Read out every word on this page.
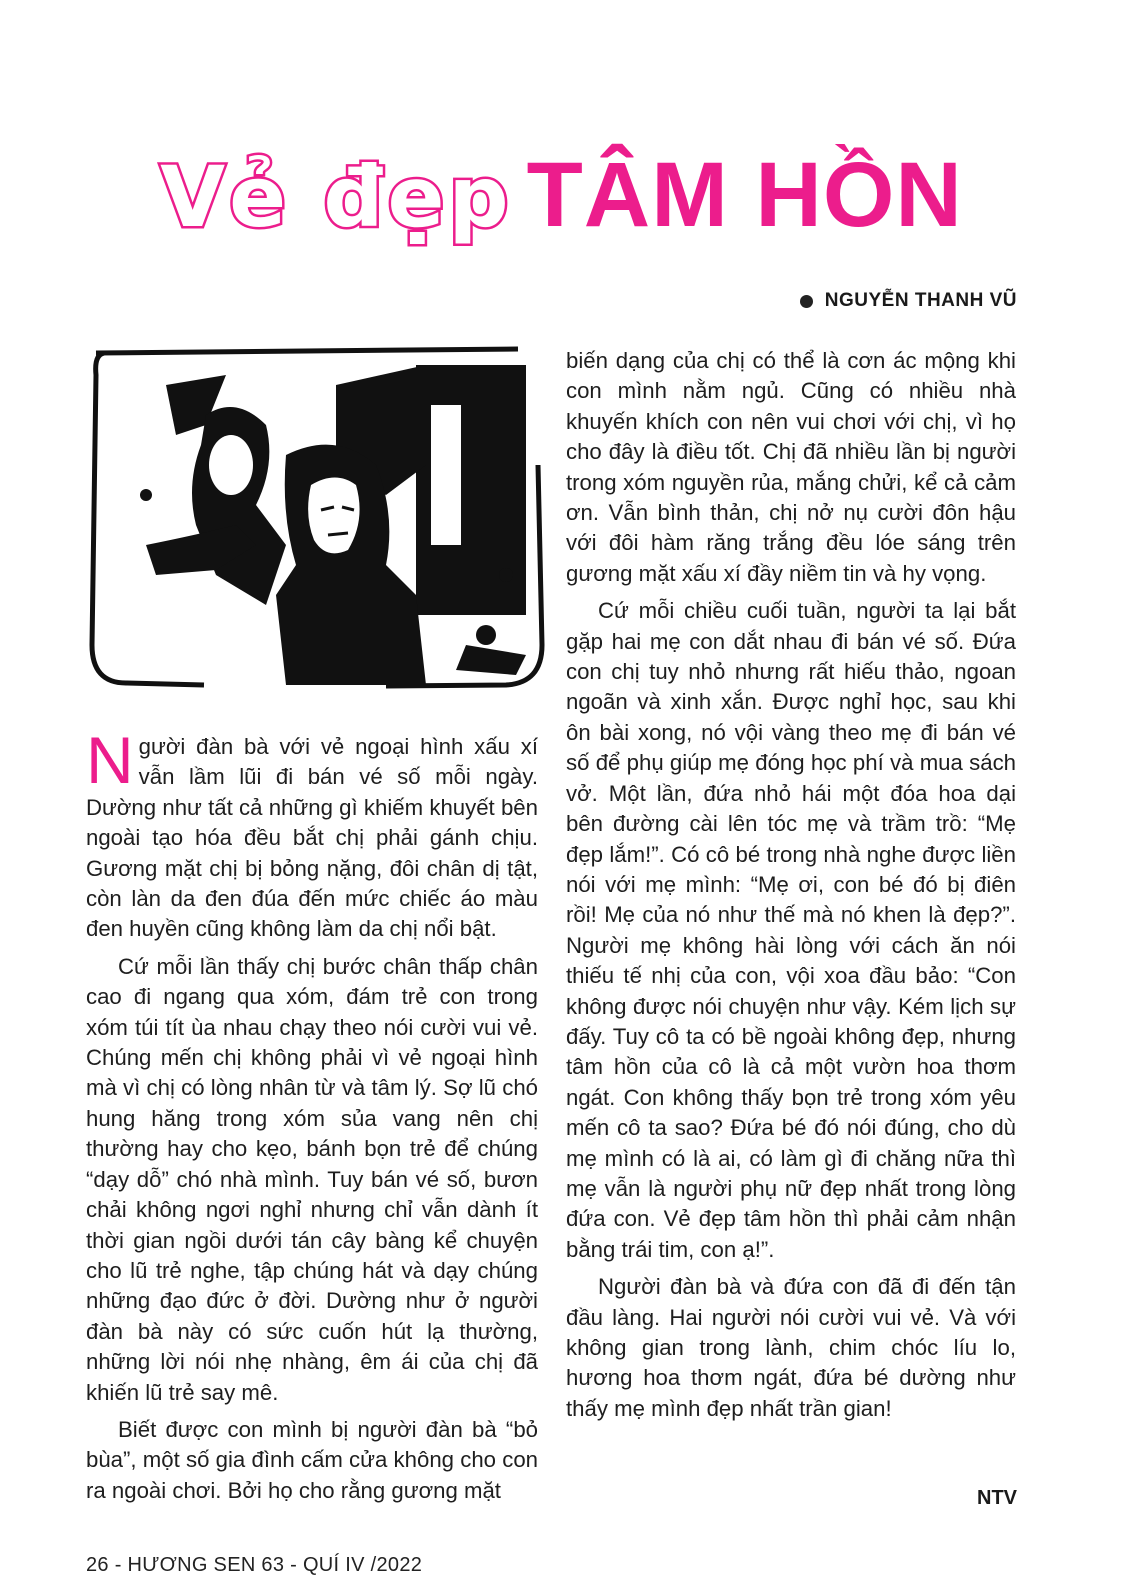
Vẻ đẹp TÂM HỒN
NGUYỄN THANH VŨ

Người đàn bà với vẻ ngoại hình xấu xí vẫn lầm lũi đi bán vé số mỗi ngày. Dường như tất cả những gì khiếm khuyết bên ngoài tạo hóa đều bắt chị phải gánh chịu. Gương mặt chị bị bỏng nặng, đôi chân dị tật, còn làn da đen đúa đến mức chiếc áo màu đen huyền cũng không làm da chị nổi bật.

Cứ mỗi lần thấy chị bước chân thấp chân cao đi ngang qua xóm, đám trẻ con trong xóm túi tít ùa nhau chạy theo nói cười vui vẻ. Chúng mến chị không phải vì vẻ ngoại hình mà vì chị có lòng nhân từ và tâm lý. Sợ lũ chó hung hăng trong xóm sủa vang nên chị thường hay cho kẹo, bánh bọn trẻ để chúng “dạy dỗ” chó nhà mình. Tuy bán vé số, bươn chải không ngơi nghỉ nhưng chỉ vẫn dành ít thời gian ngồi dưới tán cây bàng kể chuyện cho lũ trẻ nghe, tập chúng hát và dạy chúng những đạo đức ở đời. Dường như ở người đàn bà này có sức cuốn hút lạ thường, những lời nói nhẹ nhàng, êm ái của chị đã khiến lũ trẻ say mê.

Biết được con mình bị người đàn bà “bỏ bùa”, một số gia đình cấm cửa không cho con ra ngoài chơi. Bởi họ cho rằng gương mặt

biến dạng của chị có thể là cơn ác mộng khi con mình nằm ngủ. Cũng có nhiều nhà khuyến khích con nên vui chơi với chị, vì họ cho đây là điều tốt. Chị đã nhiều lần bị người trong xóm nguyền rủa, mắng chửi, kể cả cảm ơn. Vẫn bình thản, chị nở nụ cười đôn hậu với đôi hàm răng trắng đều lóe sáng trên gương mặt xấu xí đầy niềm tin và hy vọng.

Cứ mỗi chiều cuối tuần, người ta lại bắt gặp hai mẹ con dắt nhau đi bán vé số. Đứa con chị tuy nhỏ nhưng rất hiếu thảo, ngoan ngoãn và xinh xắn. Được nghỉ học, sau khi ôn bài xong, nó vội vàng theo mẹ đi bán vé số để phụ giúp mẹ đóng học phí và mua sách vở. Một lần, đứa nhỏ hái một đóa hoa dại bên đường cài lên tóc mẹ và trầm trồ: “Mẹ đẹp lắm!”. Có cô bé trong nhà nghe được liền nói với mẹ mình: “Mẹ ơi, con bé đó bị điên rồi! Mẹ của nó như thế mà nó khen là đẹp?”. Người mẹ không hài lòng với cách ăn nói thiếu tế nhị của con, vội xoa đầu bảo: “Con không được nói chuyện như vậy. Kém lịch sự đấy. Tuy cô ta có bề ngoài không đẹp, nhưng tâm hồn của cô là cả một vườn hoa thơm ngát. Con không thấy bọn trẻ trong xóm yêu mến cô ta sao? Đứa bé đó nói đúng, cho dù mẹ mình có là ai, có làm gì đi chăng nữa thì mẹ vẫn là người phụ nữ đẹp nhất trong lòng đứa con. Vẻ đẹp tâm hồn thì phải cảm nhận bằng trái tim, con ạ!”.

Người đàn bà và đứa con đã đi đến tận đầu làng. Hai người nói cười vui vẻ. Và với không gian trong lành, chim chóc líu lo, hương hoa thơm ngát, đứa bé dường như thấy mẹ mình đẹp nhất trần gian!

NTV
26 - HƯƠNG SEN 63 - QUÍ IV /2022
